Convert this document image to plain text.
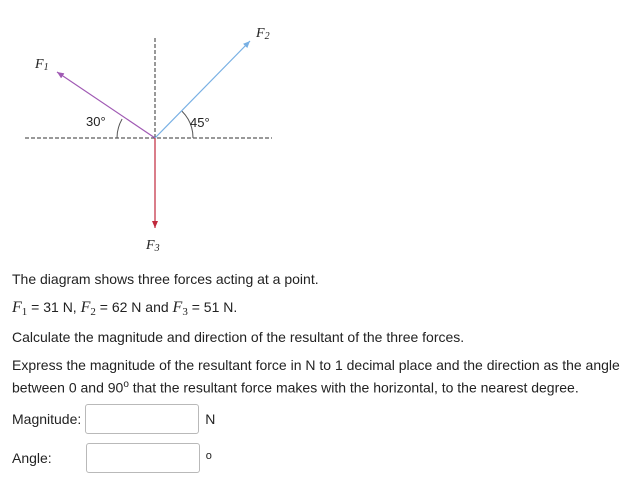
F1
F2
F3
30°	45°
The diagram shows three forces acting at a point.
$F_1 = 31$ N, $F_2 = 62$ N and $F_3 = 51$ N.
Calculate the magnitude and direction of the resultant of the three forces.
Express the magnitude of the resultant force in N to 1 decimal place and the direction as the angle
between 0 and 90$^o$ that the resultant force makes with the horizontal, to the nearest degree.
Magnitude:	N
Angle:	o
